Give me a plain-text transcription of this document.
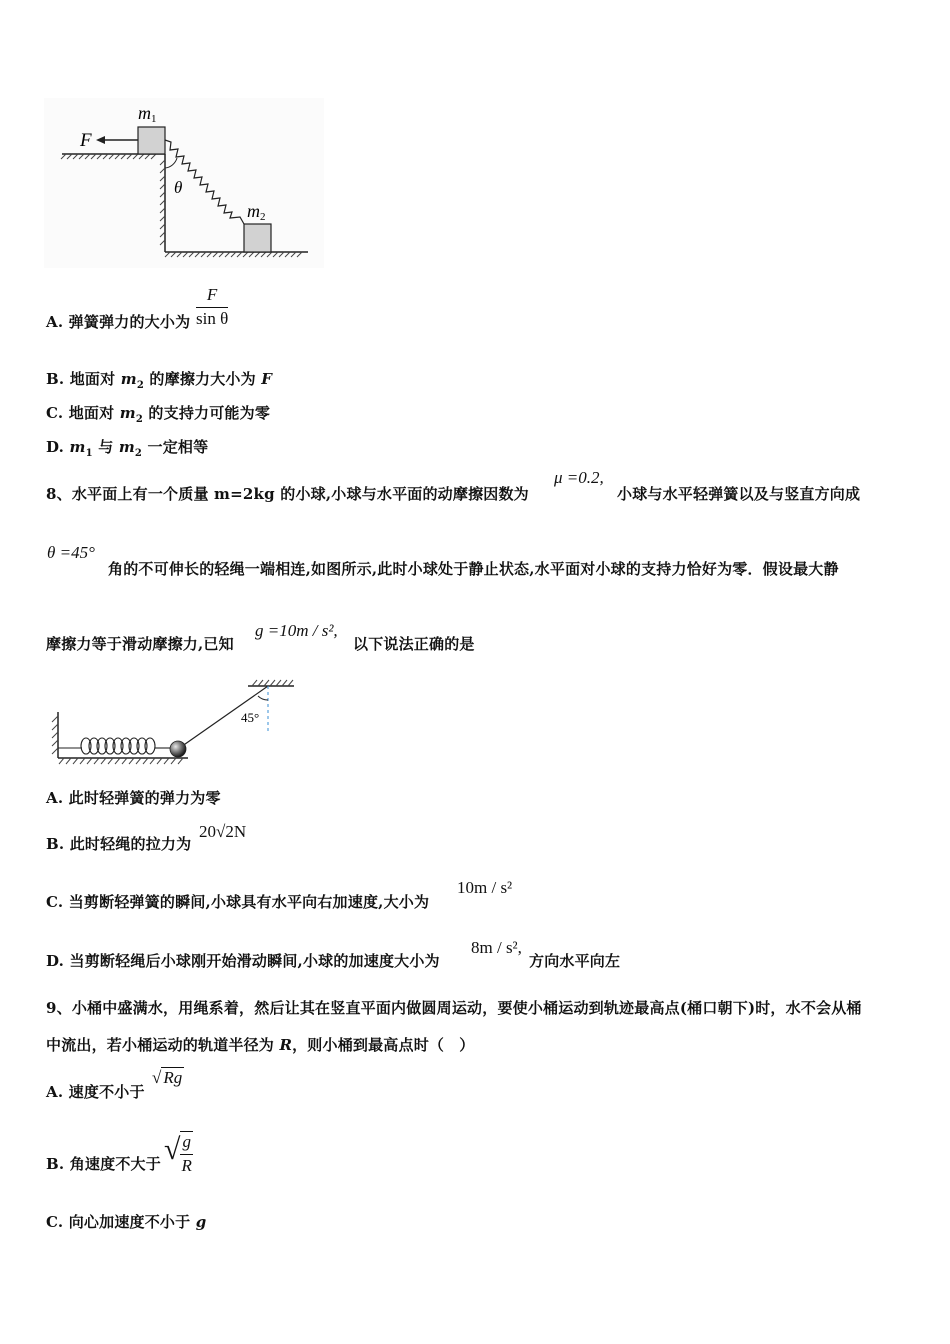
F
θ
m1
m2
A. 弹簧弹力的大小为 $\frac{F}{\text{sin θ}}$
B. 地面对 $m_2$ 的摩擦力大小为 F
C. 地面对 $m_2$ 的支持力可能为零
D. $m_1$ 与 $m_2$ 一定相等
8、水平面上有一个质量 m=2kg 的小球,小球与水平面的动摩擦因数为
μ =0.2,
小球与水平轻弹簧以及与竖直方向成
θ =45°
角的不可伸长的轻绳一端相连,如图所示,此时小球处于静止状态,水平面对小球的支持力恰好为零．假设最大静
摩擦力等于滑动摩擦力,已知
g =10m / s²,
以下说法正确的是
45°
A. 此时轻弹簧的弹力为零
B. 此时轻绳的拉力为
20√2N
C. 当剪断轻弹簧的瞬间,小球具有水平向右加速度,大小为
10m / s²
D. 当剪断轻绳后小球刚开始滑动瞬间,小球的加速度大小为
8m / s²,
方向水平向左
9、小桶中盛满水，用绳系着，然后让其在竖直平面内做圆周运动，要使小桶运动到轨迹最高点(桶口朝下)时，水不会从桶
中流出，若小桶运动的轨道半径为 R，则小桶到最高点时（　）
A. 速度不小于
√ Rg
B. 角速度不大于 √ $\frac{g}{R}$
C. 向心加速度不小于 g
